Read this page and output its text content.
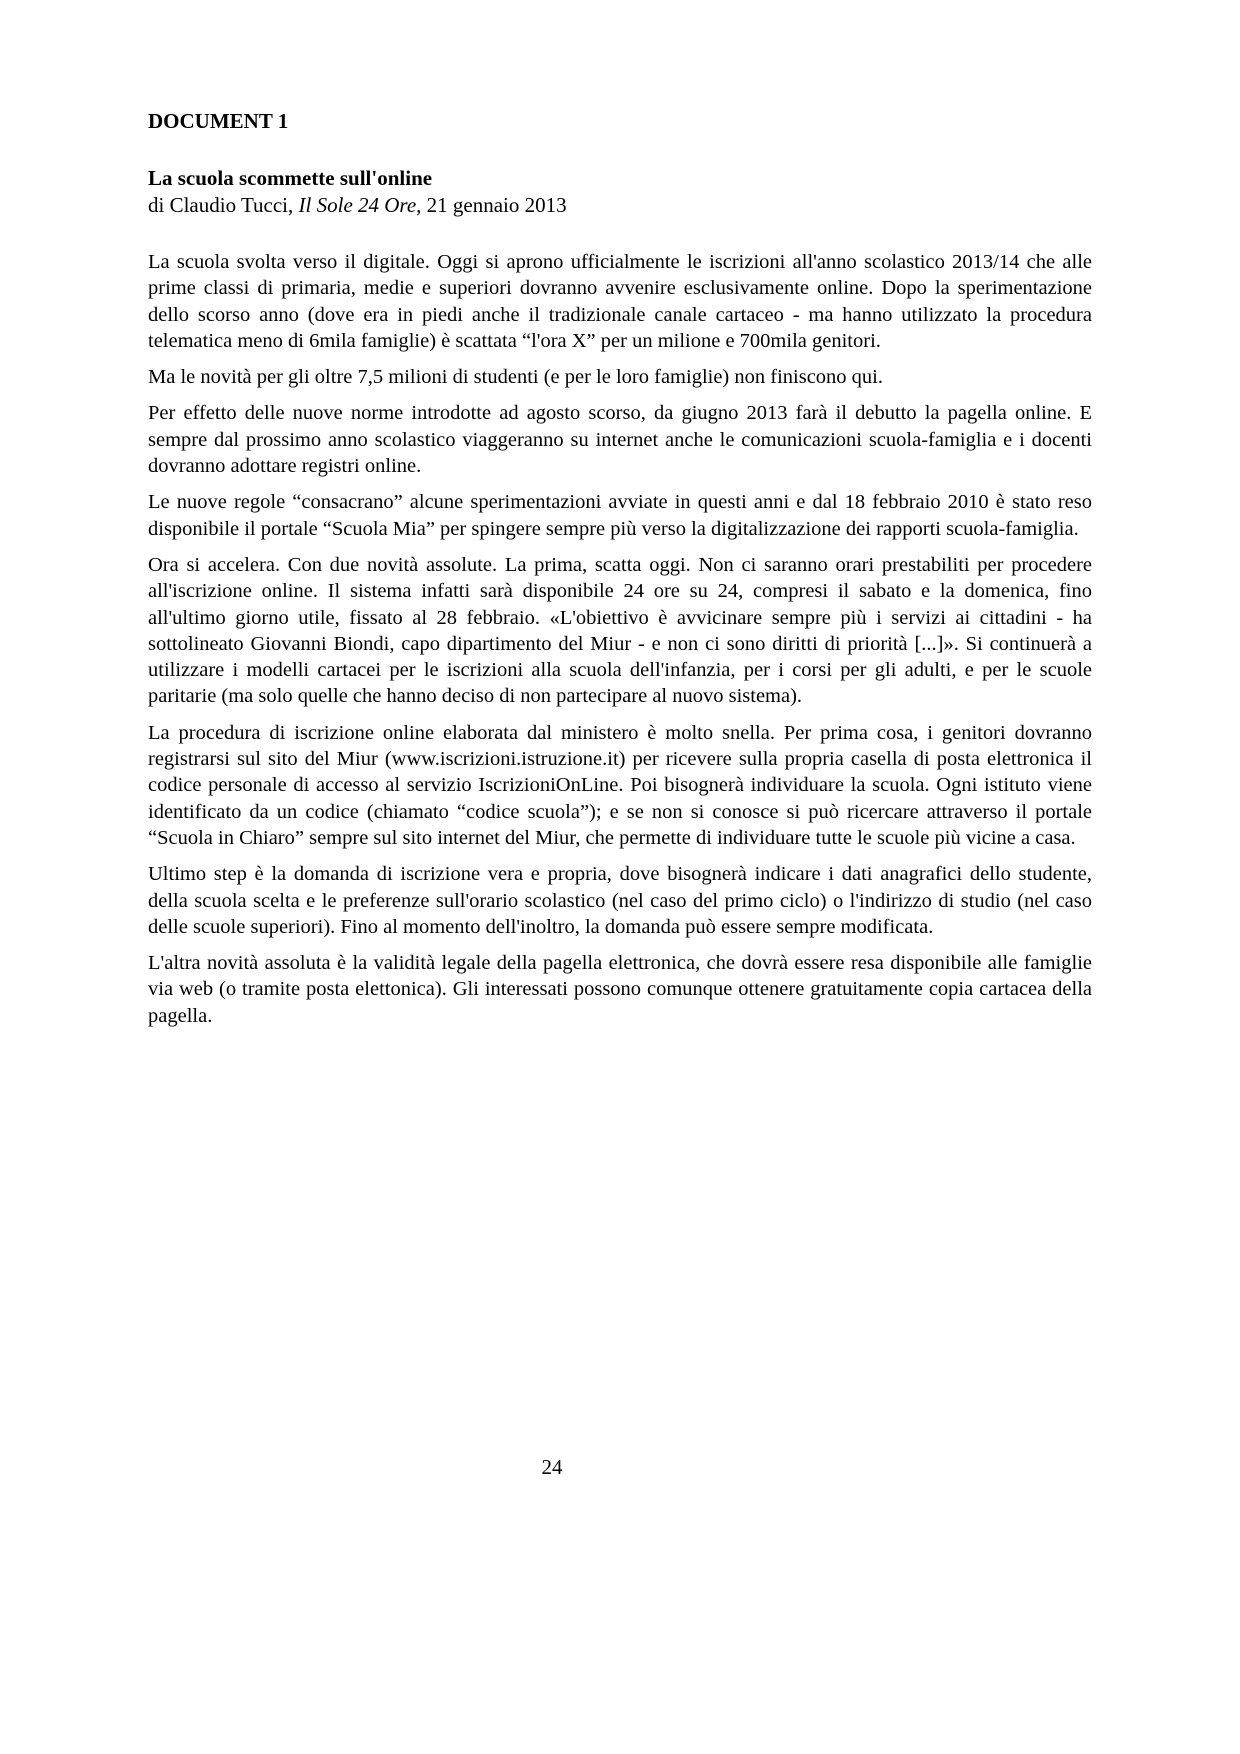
DOCUMENT 1
La scuola scommette sull'online
di Claudio Tucci, Il Sole 24 Ore, 21 gennaio 2013

La scuola svolta verso il digitale. Oggi si aprono ufficialmente le iscrizioni all'anno scolastico 2013/14 che alle prime classi di primaria, medie e superiori dovranno avvenire esclusivamente online. Dopo la sperimentazione dello scorso anno (dove era in piedi anche il tradizionale canale cartaceo - ma hanno utilizzato la procedura telematica meno di 6mila famiglie) è scattata “l'ora X” per un milione e 700mila genitori.

Ma le novità per gli oltre 7,5 milioni di studenti (e per le loro famiglie) non finiscono qui.

Per effetto delle nuove norme introdotte ad agosto scorso, da giugno 2013 farà il debutto la pagella online. E sempre dal prossimo anno scolastico viaggeranno su internet anche le comunicazioni scuola-famiglia e i docenti dovranno adottare registri online.

Le nuove regole “consacrano” alcune sperimentazioni avviate in questi anni e dal 18 febbraio 2010 è stato reso disponibile il portale “Scuola Mia” per spingere sempre più verso la digitalizzazione dei rapporti scuola-famiglia.

Ora si accelera. Con due novità assolute. La prima, scatta oggi. Non ci saranno orari prestabiliti per procedere all'iscrizione online. Il sistema infatti sarà disponibile 24 ore su 24, compresi il sabato e la domenica, fino all'ultimo giorno utile, fissato al 28 febbraio. «L'obiettivo è avvicinare sempre più i servizi ai cittadini - ha sottolineato Giovanni Biondi, capo dipartimento del Miur - e non ci sono diritti di priorità [...]». Si continuerà a utilizzare i modelli cartacei per le iscrizioni alla scuola dell'infanzia, per i corsi per gli adulti, e per le scuole paritarie (ma solo quelle che hanno deciso di non partecipare al nuovo sistema).

La procedura di iscrizione online elaborata dal ministero è molto snella. Per prima cosa, i genitori dovranno registrarsi sul sito del Miur (www.iscrizioni.istruzione.it) per ricevere sulla propria casella di posta elettronica il codice personale di accesso al servizio IscrizioniOnLine. Poi bisognerà individuare la scuola. Ogni istituto viene identificato da un codice (chiamato “codice scuola”); e se non si conosce si può ricercare attraverso il portale “Scuola in Chiaro” sempre sul sito internet del Miur, che permette di individuare tutte le scuole più vicine a casa.

Ultimo step è la domanda di iscrizione vera e propria, dove bisognerà indicare i dati anagrafici dello studente, della scuola scelta e le preferenze sull'orario scolastico (nel caso del primo ciclo) o l'indirizzo di studio (nel caso delle scuole superiori). Fino al momento dell'inoltro, la domanda può essere sempre modificata.

L'altra novità assoluta è la validità legale della pagella elettronica, che dovrà essere resa disponibile alle famiglie via web (o tramite posta elettonica). Gli interessati possono comunque ottenere gratuitamente copia cartacea della pagella.

24
